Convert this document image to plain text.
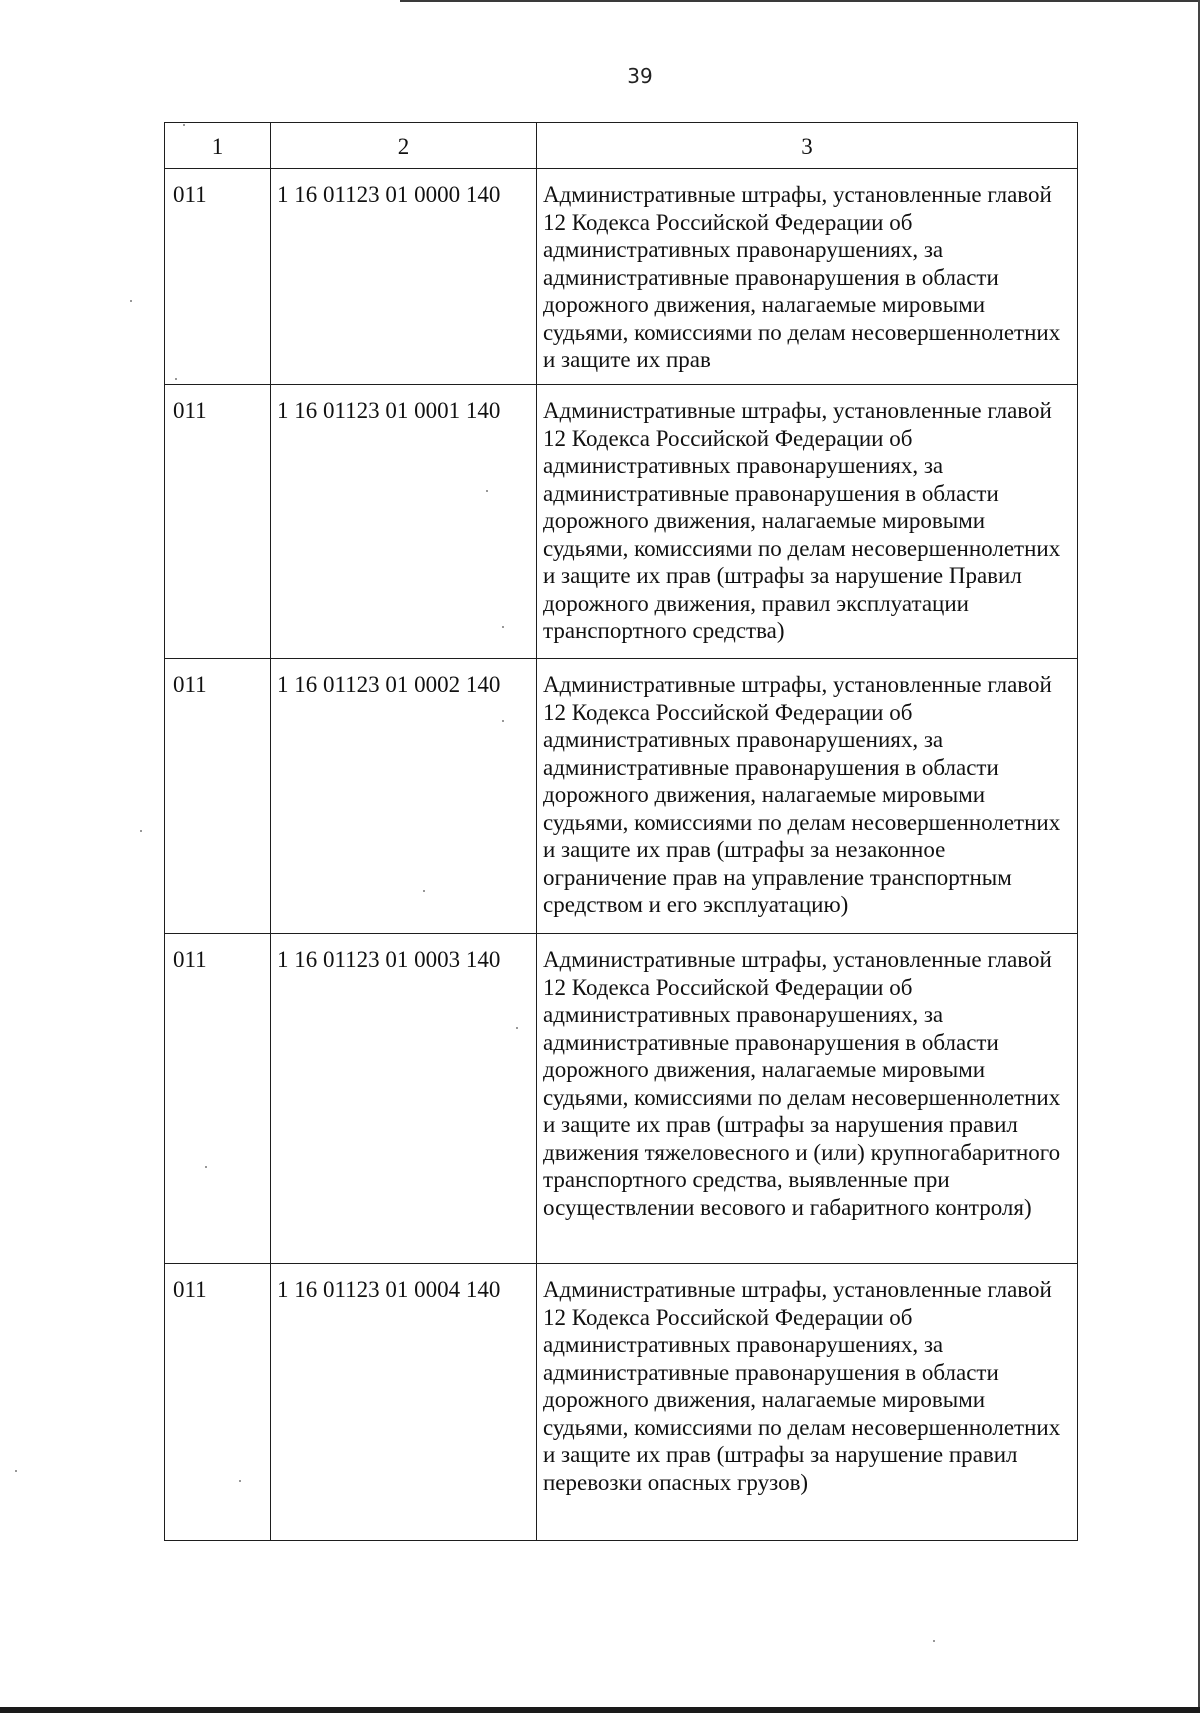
39
1	2	3
011	1 16 01123 01 0000 140	Административные штрафы, установленные главой 12 Кодекса Российской Федерации об административных правонарушениях, за административные правонарушения в области дорожного движения, налагаемые мировыми судьями, комиссиями по делам несовершеннолетних и защите их прав
011	1 16 01123 01 0001 140	Административные штрафы, установленные главой 12 Кодекса Российской Федерации об административных правонарушениях, за административные правонарушения в области дорожного движения, налагаемые мировыми судьями, комиссиями по делам несовершеннолетних и защите их прав (штрафы за нарушение Правил дорожного движения, правил эксплуатации транспортного средства)
011	1 16 01123 01 0002 140	Административные штрафы, установленные главой 12 Кодекса Российской Федерации об административных правонарушениях, за административные правонарушения в области дорожного движения, налагаемые мировыми судьями, комиссиями по делам несовершеннолетних и защите их прав (штрафы за незаконное ограничение прав на управление транспортным средством и его эксплуатацию)
011	1 16 01123 01 0003 140	Административные штрафы, установленные главой 12 Кодекса Российской Федерации об административных правонарушениях, за административные правонарушения в области дорожного движения, налагаемые мировыми судьями, комиссиями по делам несовершеннолетних и защите их прав (штрафы за нарушения правил движения тяжеловесного и (или) крупногабаритного транспортного средства, выявленные при осуществлении весового и габаритного контроля)
011	1 16 01123 01 0004 140	Административные штрафы, установленные главой 12 Кодекса Российской Федерации об административных правонарушениях, за административные правонарушения в области дорожного движения, налагаемые мировыми судьями, комиссиями по делам несовершеннолетних и защите их прав (штрафы за нарушение правил перевозки опасных грузов)
